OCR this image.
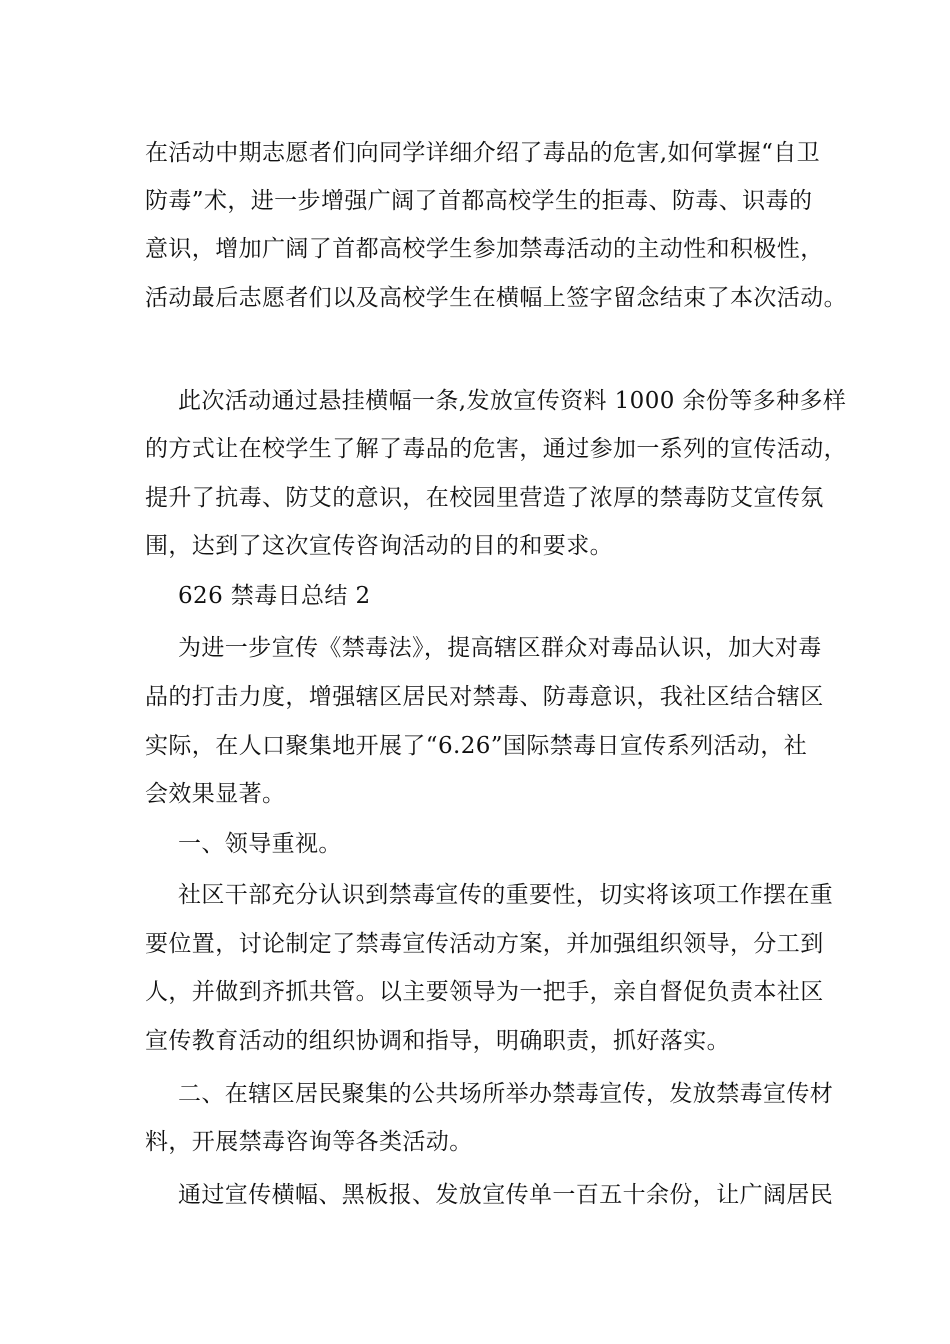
在活动中期志愿者们向同学详细介绍了毒品的危害,如何掌握“自卫
防毒”术，进一步增强广阔了首都高校学生的拒毒、防毒、识毒的
意识，增加广阔了首都高校学生参加禁毒活动的主动性和积极性，
活动最后志愿者们以及高校学生在横幅上签字留念结束了本次活动。
此次活动通过悬挂横幅一条,发放宣传资料 1000 余份等多种多样
的方式让在校学生了解了毒品的危害，通过参加一系列的宣传活动，
提升了抗毒、防艾的意识，在校园里营造了浓厚的禁毒防艾宣传氛
围，达到了这次宣传咨询活动的目的和要求。
626 禁毒日总结 2
为进一步宣传《禁毒法》，提高辖区群众对毒品认识，加大对毒
品的打击力度，增强辖区居民对禁毒、防毒意识，我社区结合辖区
实际，在人口聚集地开展了“6.26”国际禁毒日宣传系列活动，社
会效果显著。
一、领导重视。
社区干部充分认识到禁毒宣传的重要性，切实将该项工作摆在重
要位置，讨论制定了禁毒宣传活动方案，并加强组织领导，分工到
人，并做到齐抓共管。以主要领导为一把手，亲自督促负责本社区
宣传教育活动的组织协调和指导，明确职责，抓好落实。
二、在辖区居民聚集的公共场所举办禁毒宣传，发放禁毒宣传材
料，开展禁毒咨询等各类活动。
通过宣传横幅、黑板报、发放宣传单一百五十余份，让广阔居民
